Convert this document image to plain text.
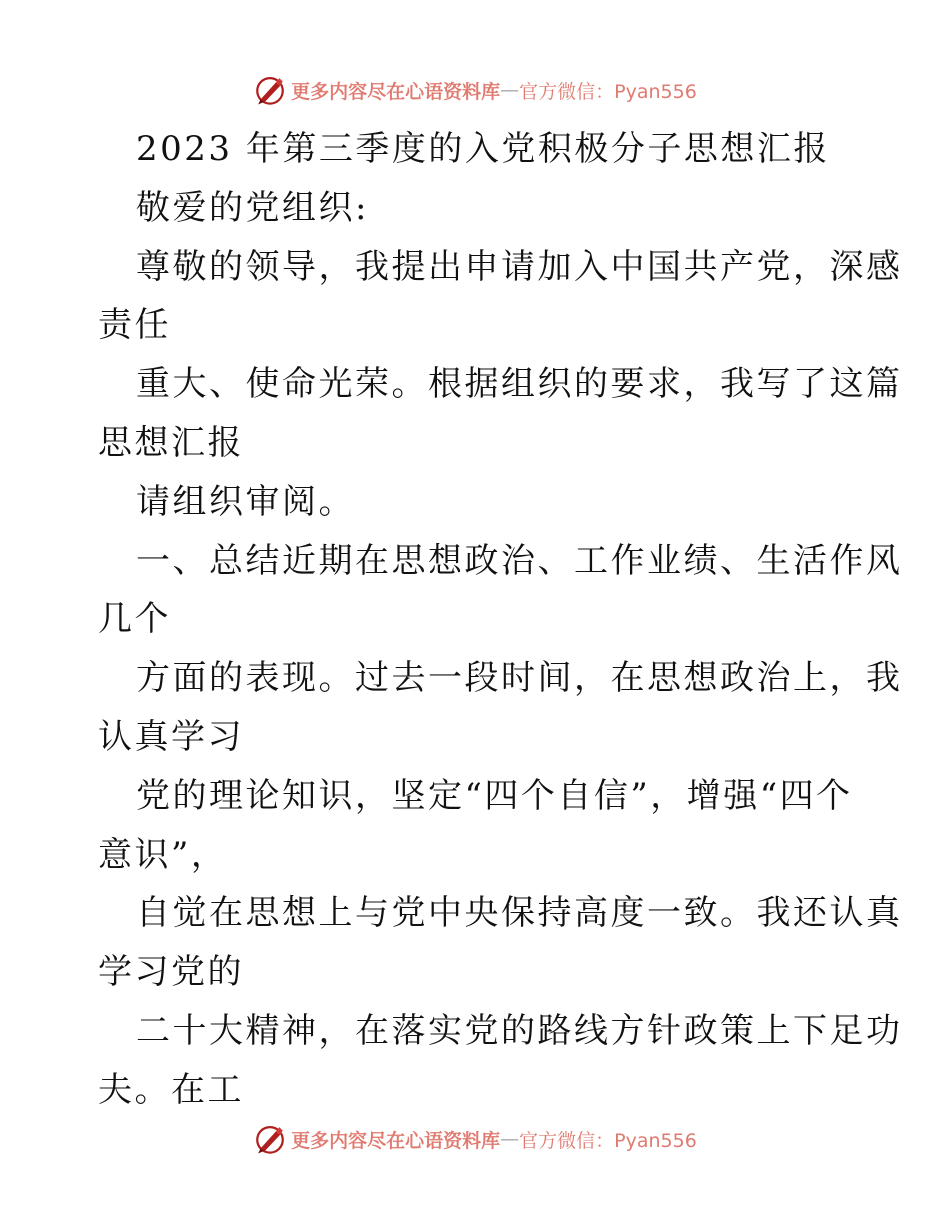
更多内容尽在心语资料库 — 官方微信：Pyan556
2023 年第三季度的入党积极分子思想汇报
敬爱的党组织:
尊敬的领导，我提出申请加入中国共产党，深感
责任
重大、使命光荣。根据组织的要求，我写了这篇
思想汇报
请组织审阅。
一、总结近期在思想政治、工作业绩、生活作风
几个
方面的表现。过去一段时间，在思想政治上，我
认真学习
党的理论知识，坚定“四个自信”，增强“四个
意识”，
自觉在思想上与党中央保持高度一致。我还认真
学习党的
二十大精神，在落实党的路线方针政策上下足功
夫。在工
更多内容尽在心语资料库 — 官方微信：Pyan556
